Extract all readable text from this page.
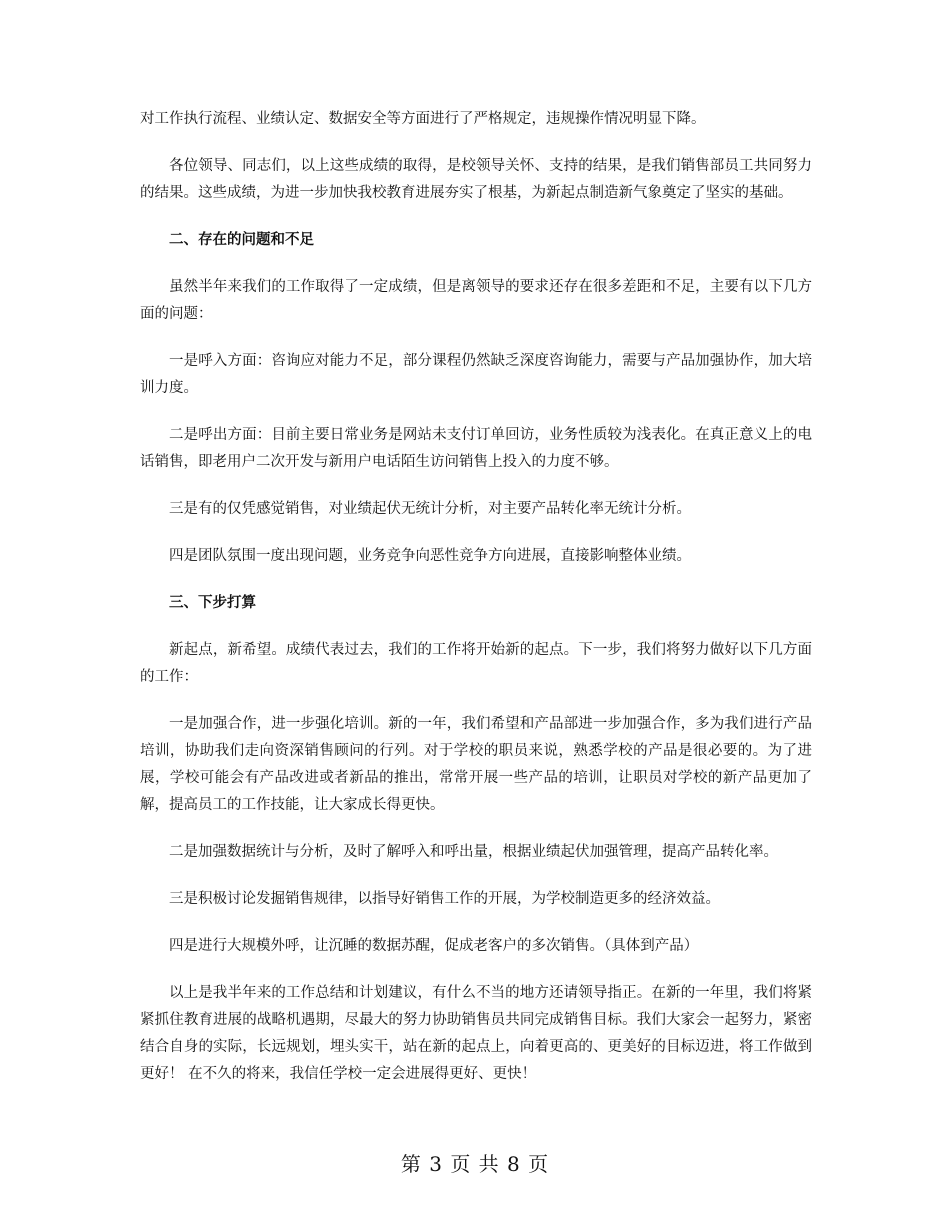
对工作执行流程、业绩认定、数据安全等方面进行了严格规定，违规操作情况明显下降。

各位领导、同志们，以上这些成绩的取得，是校领导关怀、支持的结果，是我们销售部员工共同努力的结果。这些成绩，为进一步加快我校教育进展夯实了根基，为新起点制造新气象奠定了坚实的基础。

二、存在的问题和不足

虽然半年来我们的工作取得了一定成绩，但是离领导的要求还存在很多差距和不足，主要有以下几方面的问题：

一是呼入方面：咨询应对能力不足，部分课程仍然缺乏深度咨询能力，需要与产品加强协作，加大培训力度。

二是呼出方面：目前主要日常业务是网站未支付订单回访，业务性质较为浅表化。在真正意义上的电话销售，即老用户二次开发与新用户电话陌生访问销售上投入的力度不够。

三是有的仅凭感觉销售，对业绩起伏无统计分析，对主要产品转化率无统计分析。

四是团队氛围一度出现问题，业务竞争向恶性竞争方向进展，直接影响整体业绩。

三、下步打算

新起点，新希望。成绩代表过去，我们的工作将开始新的起点。下一步，我们将努力做好以下几方面的工作：

一是加强合作，进一步强化培训。新的一年，我们希望和产品部进一步加强合作，多为我们进行产品培训，协助我们走向资深销售顾问的行列。对于学校的职员来说，熟悉学校的产品是很必要的。为了进展，学校可能会有产品改进或者新品的推出，常常开展一些产品的培训，让职员对学校的新产品更加了解，提高员工的工作技能，让大家成长得更快。

二是加强数据统计与分析，及时了解呼入和呼出量，根据业绩起伏加强管理，提高产品转化率。

三是积极讨论发掘销售规律，以指导好销售工作的开展，为学校制造更多的经济效益。

四是进行大规模外呼，让沉睡的数据苏醒，促成老客户的多次销售。（具体到产品）

以上是我半年来的工作总结和计划建议，有什么不当的地方还请领导指正。在新的一年里，我们将紧紧抓住教育进展的战略机遇期，尽最大的努力协助销售员共同完成销售目标。我们大家会一起努力，紧密结合自身的实际，长远规划，埋头实干，站在新的起点上，向着更高的、更美好的目标迈进，将工作做到更好！ 在不久的将来，我信任学校一定会进展得更好、更快！

第 3 页 共 8 页
